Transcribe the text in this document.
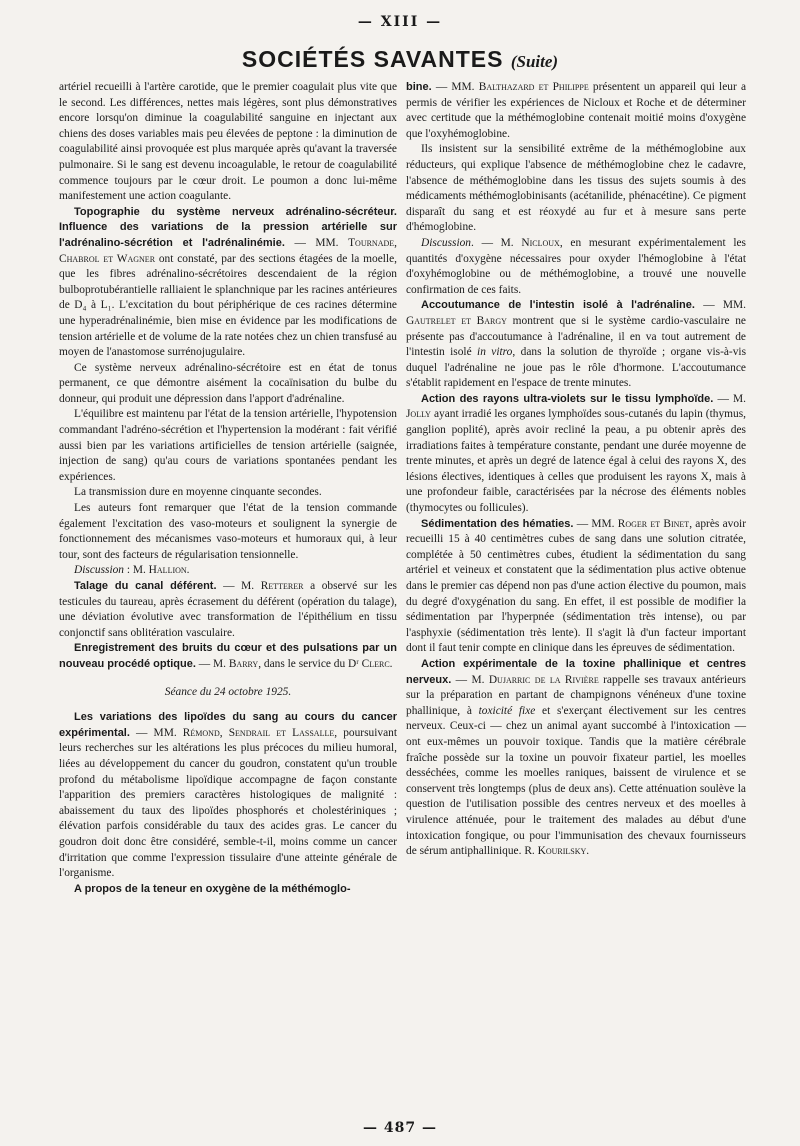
— XIII —
SOCIÉTÉS SAVANTES (Suite)

artériel recueilli à l'artère carotide, que le premier coagulait plus vite que le second. Les différences, nettes mais légères, sont plus démonstratives encore lorsqu'on diminue la coagulabilité sanguine en injectant aux chiens des doses variables mais peu élevées de peptone : la diminution de coagulabilité ainsi provoquée est plus marquée après qu'avant la traversée pulmonaire. Si le sang est devenu incoagulable, le retour de coagulabilité commence toujours par le cœur droit. Le poumon a donc lui-même manifestement une action coagulante.

Topographie du système nerveux adrénalino-sécréteur. Influence des variations de la pression artérielle sur l'adrénalino-sécrétion et l'adrénalinémie. — MM. Tournade, Chabrol et Wagner ont constaté, par des sections étagées de la moelle, que les fibres adrénalino-sécrétoires descendaient de la région bulboprotubérantielle ralliaient le splanchnique par les racines antérieures de D₄ à L₁. L'excitation du bout périphérique de ces racines détermine une hyperadrénalinémie, bien mise en évidence par les modifications de tension artérielle et de volume de la rate notées chez un chien transfusé au moyen de l'anastomose surrénojugulaire.

Ce système nerveux adrénalino-sécrétoire est en état de tonus permanent, ce que démontre aisément la cocaïnisation du bulbe du donneur, qui produit une dépression dans l'apport d'adrénaline.

L'équilibre est maintenu par l'état de la tension artérielle, l'hypotension commandant l'adréno-sécrétion et l'hypertension la modérant : fait vérifié aussi bien par les variations artificielles de tension artérielle (saignée, injection de sang) qu'au cours de variations spontanées pendant les expériences.

La transmission dure en moyenne cinquante secondes.

Les auteurs font remarquer que l'état de la tension commande également l'excitation des vaso-moteurs et soulignent la synergie de fonctionnement des mécanismes vaso-moteurs et humoraux qui, à leur tour, sont des facteurs de régularisation tensionnelle.

Discussion : M. Hallion.

Talage du canal déférent. — M. Retterer a observé sur les testicules du taureau, après écrasement du déférent (opération du talage), une déviation évolutive avec transformation de l'épithélium en tissu conjonctif sans oblitération vasculaire.

Enregistrement des bruits du cœur et des pulsations par un nouveau procédé optique. — M. Barry, dans le service du Dʳ Clerc.

Séance du 24 octobre 1925.

Les variations des lipoïdes du sang au cours du cancer expérimental. — MM. Rémond, Sendrail et Lassalle, poursuivant leurs recherches sur les altérations les plus précoces du milieu humoral, liées au développement du cancer du goudron, constatent qu'un trouble profond du métabolisme lipoïdique accompagne de façon constante l'apparition des premiers caractères histologiques de malignité : abaissement du taux des lipoïdes phosphorés et cholestériniques ; élévation parfois considérable du taux des acides gras. Le cancer du goudron doit donc être considéré, semble-t-il, moins comme un cancer d'irritation que comme l'expression tissulaire d'une atteinte générale de l'organisme.

A propos de la teneur en oxygène de la méthémoglo-

bine. — MM. Balthazard et Philippe présentent un appareil qui leur a permis de vérifier les expériences de Nicloux et Roche et de déterminer avec certitude que la méthémoglobine contenait moitié moins d'oxygène que l'oxyhémoglobine.

Ils insistent sur la sensibilité extrême de la méthémoglobine aux réducteurs, qui explique l'absence de méthémoglobine chez le cadavre, l'absence de méthémoglobine dans les tissus des sujets soumis à des médicaments méthémoglobinisants (acétanilide, phénacétine). Ce pigment disparaît du sang et est réoxydé au fur et à mesure sans perte d'hémoglobine.

Discussion. — M. Nicloux, en mesurant expérimentalement les quantités d'oxygène nécessaires pour oxyder l'hémoglobine à l'état d'oxyhémoglobine ou de méthémoglobine, a trouvé une nouvelle confirmation de ces faits.

Accoutumance de l'intestin isolé à l'adrénaline. — MM. Gautrelet et Bargy montrent que si le système cardio-vasculaire ne présente pas d'accoutumance à l'adrénaline, il en va tout autrement de l'intestin isolé in vitro, dans la solution de thyroïde ; organe vis-à-vis duquel l'adrénaline ne joue pas le rôle d'hormone. L'accoutumance s'établit rapidement en l'espace de trente minutes.

Action des rayons ultra-violets sur le tissu lymphoïde. — M. Jolly ayant irradié les organes lymphoïdes sous-cutanés du lapin (thymus, ganglion poplité), après avoir recliné la peau, a pu obtenir après des irradiations faites à température constante, pendant une durée moyenne de trente minutes, et après un degré de latence égal à celui des rayons X, des lésions électives, identiques à celles que produisent les rayons X, mais à une profondeur faible, caractérisées par la nécrose des éléments nobles (thymocytes ou follicules).

Sédimentation des hématies. — MM. Roger et Binet, après avoir recueilli 15 à 40 centimètres cubes de sang dans une solution citratée, complétée à 50 centimètres cubes, étudient la sédimentation du sang artériel et veineux et constatent que la sédimentation plus active obtenue dans le premier cas dépend non pas d'une action élective du poumon, mais du degré d'oxygénation du sang. En effet, il est possible de modifier la sédimentation par l'hyperpnée (sédimentation très intense), ou par l'asphyxie (sédimentation très lente). Il s'agit là d'un facteur important dont il faut tenir compte en clinique dans les épreuves de sédimentation.

Action expérimentale de la toxine phallinique et centres nerveux. — M. Dujarric de la Rivière rappelle ses travaux antérieurs sur la préparation en partant de champignons vénéneux d'une toxine phallinique, à toxicité fixe et s'exerçant électivement sur les centres nerveux. Ceux-ci — chez un animal ayant succombé à l'intoxication — ont eux-mêmes un pouvoir toxique. Tandis que la matière cérébrale fraîche possède sur la toxine un pouvoir fixateur partiel, les moelles desséchées, comme les moelles raniques, baissent de virulence et se conservent très longtemps (plus de deux ans). Cette atténuation soulève la question de l'utilisation possible des centres nerveux et des moelles à virulence atténuée, pour le traitement des malades au début d'une intoxication fongique, ou pour l'immunisation des chevaux fournisseurs de sérum antiphallinique. R. Kourilsky.

— 487 —
